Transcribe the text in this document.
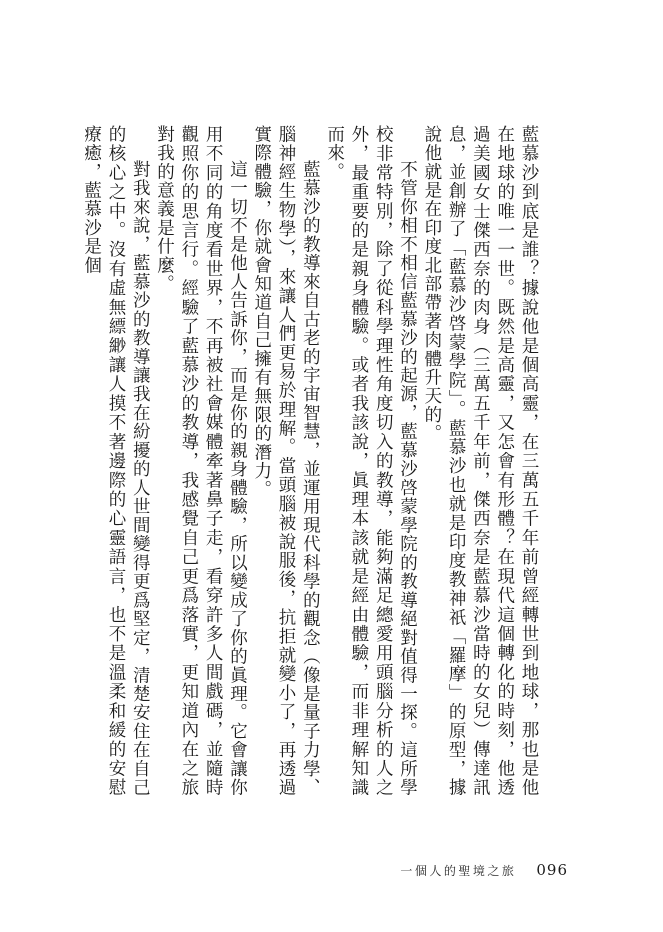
藍慕沙到底是誰？據說他是個高靈，在三萬五千年前曾經轉世到地球，那也是他在地球的唯一一世。既然是高靈，又怎會有形體？在現代這個轉化的時刻，他透過美國女士傑西奈的肉身（三萬五千年前，傑西奈是藍慕沙當時的女兒）傳達訊息，並創辦了「藍慕沙啓蒙學院」。藍慕沙也就是印度教神祇「羅摩」的原型，據說他就是在印度北部帶著肉體升天的。

不管你相不相信藍慕沙的起源，藍慕沙啓蒙學院的教導絕對值得一探。這所學校非常特別，除了從科學理性角度切入的教導，能夠滿足總愛用頭腦分析的人之外，最重要的是親身體驗。或者我該說，眞理本該就是經由體驗，而非理解知識而來。

藍慕沙的教導來自古老的宇宙智慧，並運用現代科學的觀念（像是量子力學、腦神經生物學），來讓人們更易於理解。當頭腦被說服後，抗拒就變小了，再透過實際體驗，你就會知道自己擁有無限的潛力。

這一切不是他人告訴你，而是你的親身體驗，所以變成了你的眞理。它會讓你用不同的角度看世界，不再被社會媒體牽著鼻子走，看穿許多人間戲碼，並隨時觀照你的思言行。經驗了藍慕沙的教導，我感覺自己更爲落實，更知道內在之旅對我的意義是什麼。

對我來說，藍慕沙的教導讓我在紛擾的人世間變得更爲堅定，清楚安住在自己的核心之中。沒有虛無縹緲讓人摸不著邊際的心靈語言，也不是溫柔和緩的安慰療癒，藍慕沙是個

一個人的聖境之旅 096
